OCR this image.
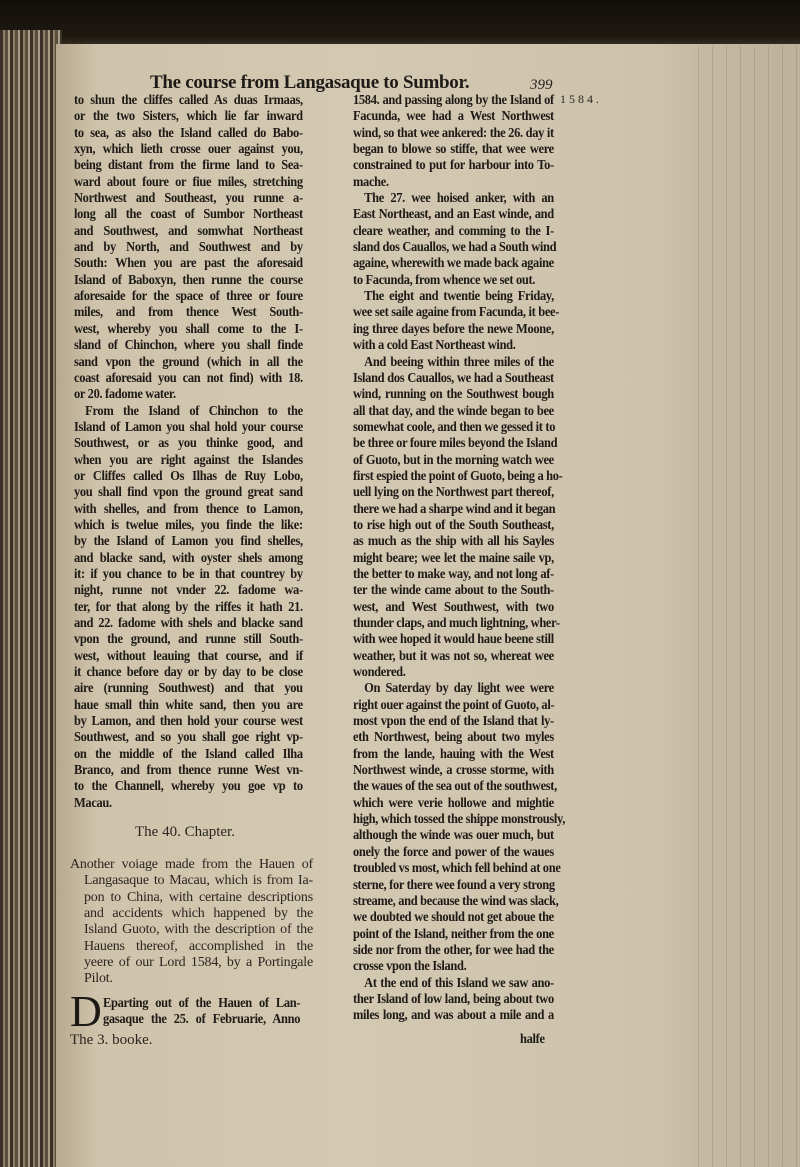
The course from Langasaque to Sumbor.	399
1584.
to shun the cliffes called As duas Irmaas,
or the two Sisters, which lie far inward
to sea, as also the Island called do Babo-
xyn, which lieth crosse ouer against you,
being distant from the firme land to Sea-
ward about foure or fiue miles, stretching
Northwest and Southeast, you runne a-
long all the coast of Sumbor Northeast
and Southwest, and somwhat Northeast
and by North, and Southwest and by
South: When you are past the aforesaid
Island of Baboxyn, then runne the course
aforesaide for the space of three or foure
miles, and from thence West South-
west, whereby you shall come to the I-
sland of Chinchon, where you shall finde
sand vpon the ground (which in all the
coast aforesaid you can not find) with 18.
or 20. fadome water.
From the Island of Chinchon to the
Island of Lamon you shal hold your course
Southwest, or as you thinke good, and
when you are right against the Islandes
or Cliffes called Os Ilhas de Ruy Lobo,
you shall find vpon the ground great sand
with shelles, and from thence to Lamon,
which is twelue miles, you finde the like:
by the Island of Lamon you find shelles,
and blacke sand, with oyster shels among
it: if you chance to be in that countrey by
night, runne not vnder 22. fadome wa-
ter, for that along by the riffes it hath 21.
and 22. fadome with shels and blacke sand
vpon the ground, and runne still South-
west, without leauing that course, and if
it chance before day or by day to be close
aire (running Southwest) and that you
haue small thin white sand, then you are
by Lamon, and then hold your course west
Southwest, and so you shall goe right vp-
on the middle of the Island called Ilha
Branco, and from thence runne West vn-
to the Channell, whereby you goe vp to
Macau.
The 40. Chapter.
Another voiage made from the Hauen of
Langasaque to Macau, which is from Ia-
pon to China, with certaine descriptions
and accidents which happened by the
Island Guoto, with the description of the
Hauens thereof, accomplished in the
yeere of our Lord 1584, by a Portingale
Pilot.
D Eparting out of the Hauen of Lan-
gasaque the 25. of Februarie, Anno
The 3. booke.
1584. and passing along by the Island of
Facunda, wee had a West Northwest
wind, so that wee ankered: the 26. day it
began to blowe so stiffe, that wee were
constrained to put for harbour into To-
mache.
The 27. wee hoised anker, with an
East Northeast, and an East winde, and
cleare weather, and comming to the I-
sland dos Cauallos, we had a South wind
againe, wherewith we made back againe
to Facunda, from whence we set out.
The eight and twentie being Friday,
wee set saile againe from Facunda, it bee-
ing three dayes before the newe Moone,
with a cold East Northeast wind.
And beeing within three miles of the
Island dos Cauallos, we had a Southeast
wind, running on the Southwest bough
all that day, and the winde began to bee
somewhat coole, and then we gessed it to
be three or foure miles beyond the Island
of Guoto, but in the morning watch wee
first espied the point of Guoto, being a ho-
uell lying on the Northwest part thereof,
there we had a sharpe wind and it began
to rise high out of the South Southeast,
as much as the ship with all his Sayles
might beare; wee let the maine saile vp,
the better to make way, and not long af-
ter the winde came about to the South-
west, and West Southwest, with two
thunder claps, and much lightning, wher-
with wee hoped it would haue beene still
weather, but it was not so, whereat wee
wondered.
On Saterday by day light wee were
right ouer against the point of Guoto, al-
most vpon the end of the Island that ly-
eth Northwest, being about two myles
from the lande, hauing with the West
Northwest winde, a crosse storme, with
the waues of the sea out of the southwest,
which were verie hollowe and mightie
high, which tossed the shippe monstrously,
although the winde was ouer much, but
onely the force and power of the waues
troubled vs most, which fell behind at one
sterne, for there wee found a very strong
streame, and because the wind was slack,
we doubted we should not get aboue the
point of the Island, neither from the one
side nor from the other, for wee had the
crosse vpon the Island.
At the end of this Island we saw ano-
ther Island of low land, being about two
miles long, and was about a mile and a
halfe
